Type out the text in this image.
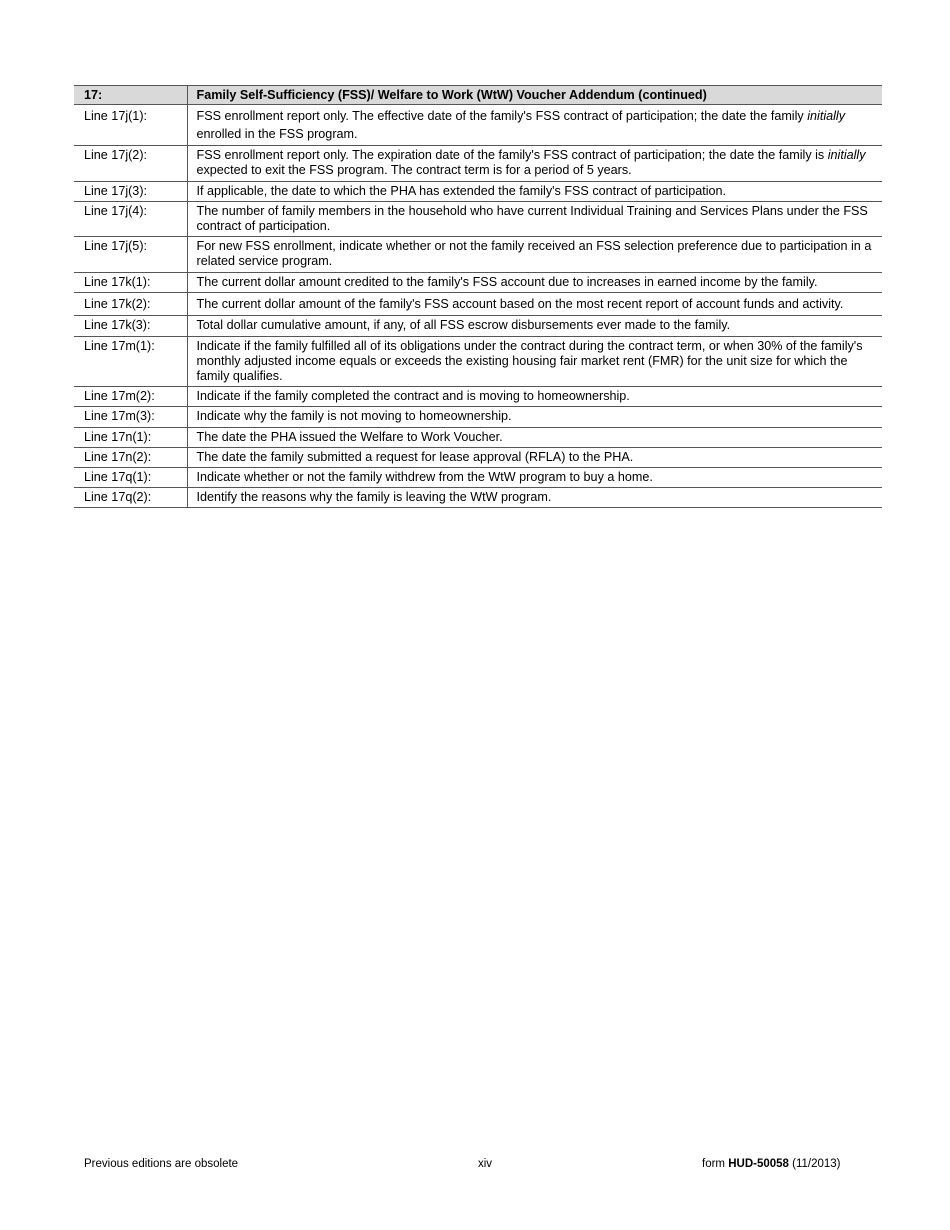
17:	Family Self-Sufficiency (FSS)/ Welfare to Work (WtW) Voucher Addendum (continued)
Line 17j(1):	FSS enrollment report only. The effective date of the family's FSS contract of participation; the date the family initially enrolled in the FSS program.
Line 17j(2):	FSS enrollment report only. The expiration date of the family's FSS contract of participation; the date the family is initially expected to exit the FSS program. The contract term is for a period of 5 years.
Line 17j(3):	If applicable, the date to which the PHA has extended the family's FSS contract of participation.
Line 17j(4):	The number of family members in the household who have current Individual Training and Services Plans under the FSS contract of participation.
Line 17j(5):	For new FSS enrollment, indicate whether or not the family received an FSS selection preference due to participation in a related service program.
Line 17k(1):	The current dollar amount credited to the family's FSS account due to increases in earned income by the family.
Line 17k(2):	The current dollar amount of the family's FSS account based on the most recent report of account funds and activity.
Line 17k(3):	Total dollar cumulative amount, if any, of all FSS escrow disbursements ever made to the family.
Line 17m(1):	Indicate if the family fulfilled all of its obligations under the contract during the contract term, or when 30% of the family's monthly adjusted income equals or exceeds the existing housing fair market rent (FMR) for the unit size for which the family qualifies.
Line 17m(2):	Indicate if the family completed the contract and is moving to homeownership.
Line 17m(3):	Indicate why the family is not moving to homeownership.
Line 17n(1):	The date the PHA issued the Welfare to Work Voucher.
Line 17n(2):	The date the family submitted a request for lease approval (RFLA) to the PHA.
Line 17q(1):	Indicate whether or not the family withdrew from the WtW program to buy a home.
Line 17q(2):	Identify the reasons why the family is leaving the WtW program.
Previous editions are obsolete	xiv	form HUD-50058 (11/2013)
